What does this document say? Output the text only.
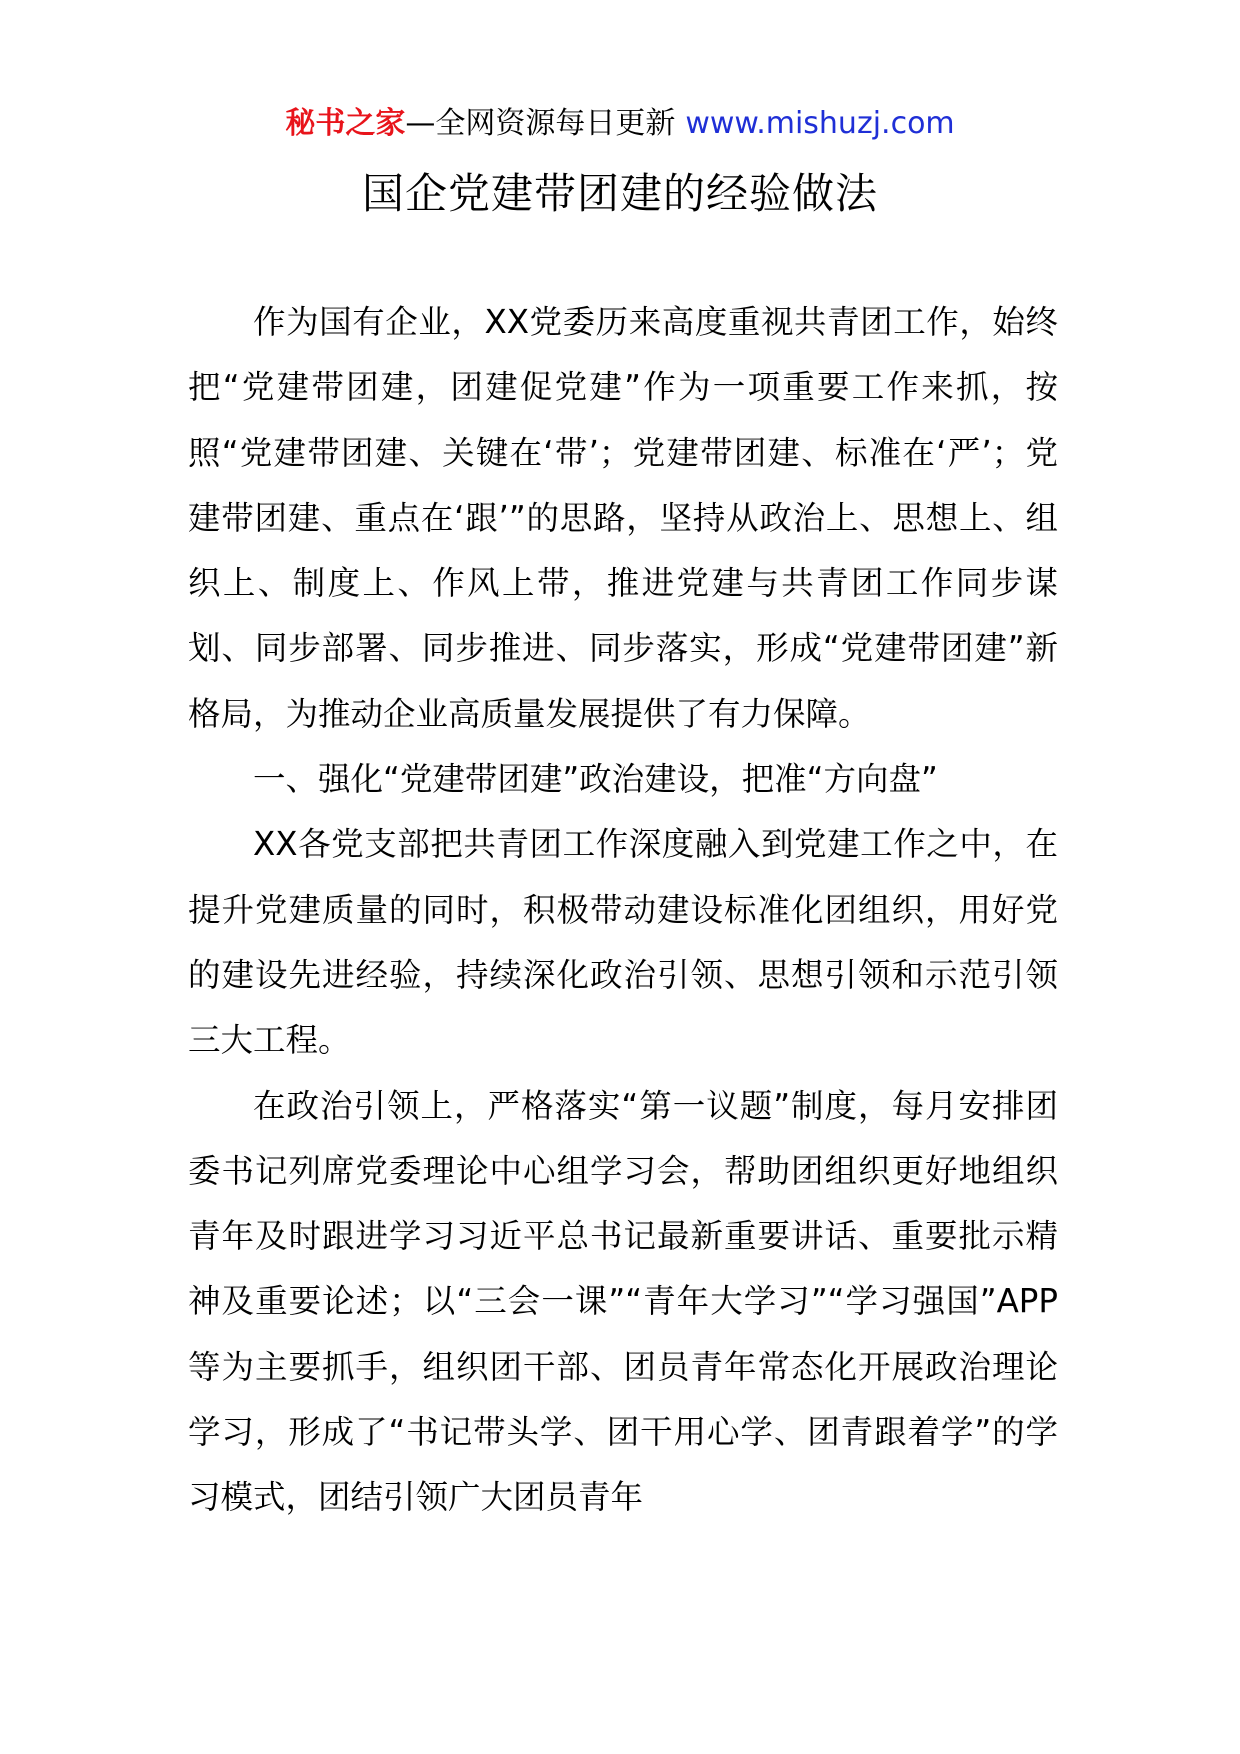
秘书之家—全网资源每日更新 www.mishuzj.com
国企党建带团建的经验做法

作为国有企业，XX党委历来高度重视共青团工作，始终把“党建带团建，团建促党建”作为一项重要工作来抓，按照“党建带团建、关键在‘带’；党建带团建、标准在‘严’；党建带团建、重点在‘跟’”的思路，坚持从政治上、思想上、组织上、制度上、作风上带，推进党建与共青团工作同步谋划、同步部署、同步推进、同步落实，形成“党建带团建”新格局，为推动企业高质量发展提供了有力保障。

一、强化“党建带团建”政治建设，把准“方向盘”

XX各党支部把共青团工作深度融入到党建工作之中，在提升党建质量的同时，积极带动建设标准化团组织，用好党的建设先进经验，持续深化政治引领、思想引领和示范引领三大工程。

在政治引领上，严格落实“第一议题”制度，每月安排团委书记列席党委理论中心组学习会，帮助团组织更好地组织青年及时跟进学习习近平总书记最新重要讲话、重要批示精神及重要论述；以“三会一课”“青年大学习”“学习强国”APP等为主要抓手，组织团干部、团员青年常态化开展政治理论学习，形成了“书记带头学、团干用心学、团青跟着学”的学习模式，团结引领广大团员青年
